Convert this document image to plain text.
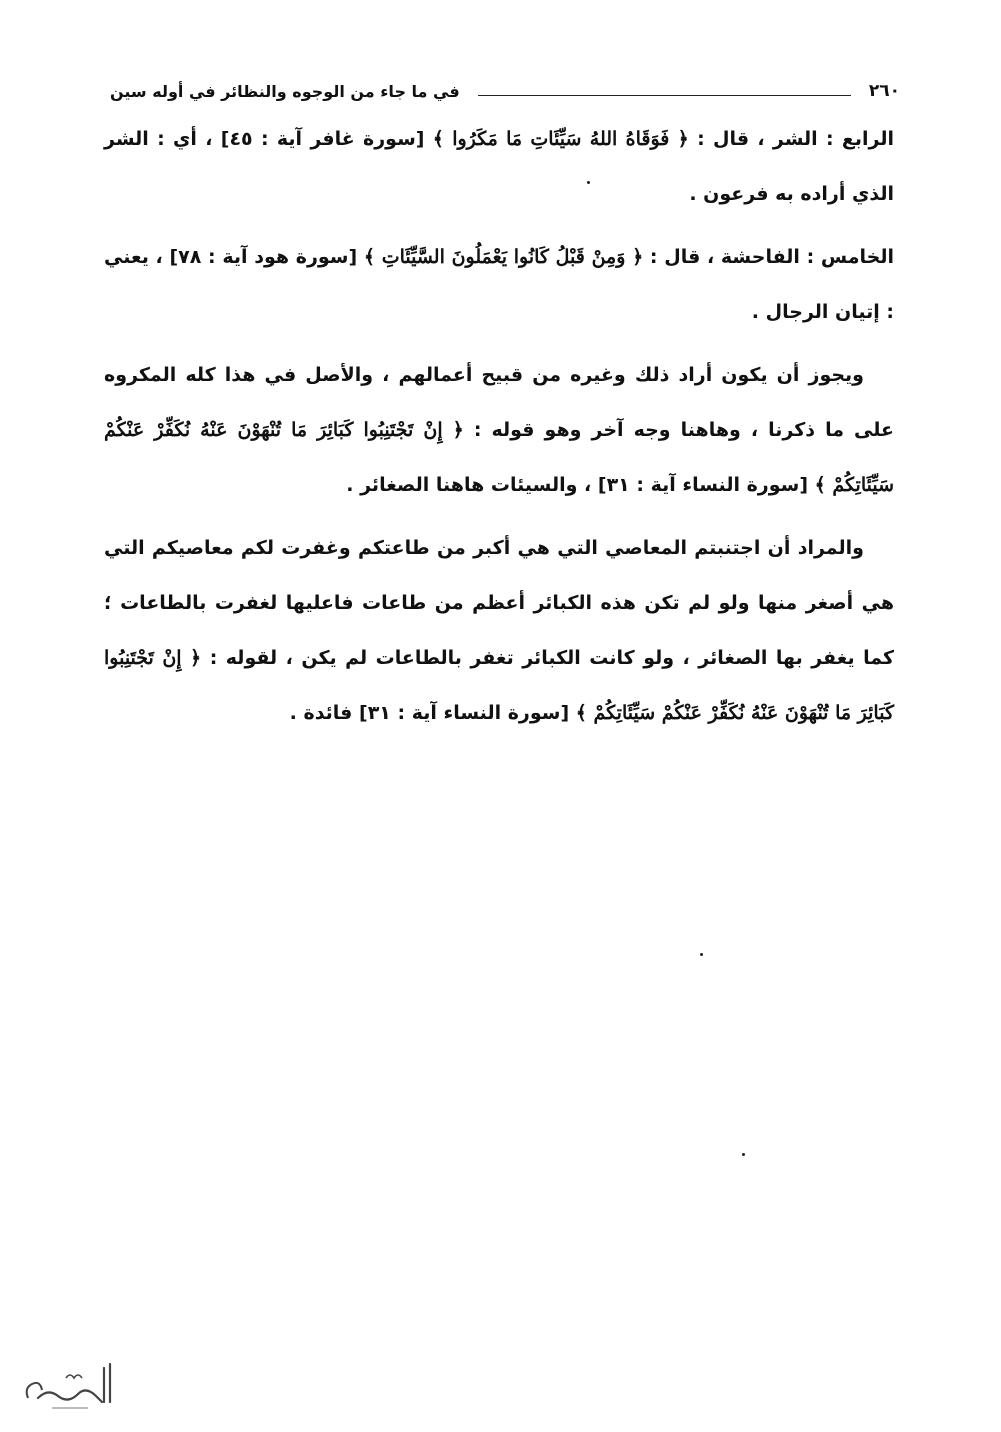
٢٦٠
في ما جاء من الوجوه والنظائر في أوله سين

الرابع : الشر ، قال : ﴿ فَوَقَاهُ اللهُ سَيِّئَاتِ مَا مَكَرُوا ﴾ [سورة غافر آية : ٤٥] ، أي : الشر الذي أراده به فرعون .

الخامس : الفاحشة ، قال : ﴿ وَمِنْ قَبْلُ كَانُوا يَعْمَلُونَ السَّيِّئَاتِ ﴾ [سورة هود آية : ٧٨] ، يعني : إتيان الرجال .

ويجوز أن يكون أراد ذلك وغيره من قبيح أعمالهم ، والأصل في هذا كله المكروه على ما ذكرنا ، وهاهنا وجه آخر وهو قوله : ﴿ إِنْ تَجْتَنِبُوا كَبَائِرَ مَا تُنْهَوْنَ عَنْهُ نُكَفِّرْ عَنْكُمْ سَيِّئَاتِكُمْ ﴾ [سورة النساء آية : ٣١] ، والسيئات هاهنا الصغائر .

والمراد أن اجتنبتم المعاصي التي هي أكبر من طاعتكم وغفرت لكم معاصيكم التي هي أصغر منها ولو لم تكن هذه الكبائر أعظم من طاعات فاعليها لغفرت بالطاعات ؛ كما يغفر بها الصغائر ، ولو كانت الكبائر تغفر بالطاعات لم يكن ، لقوله : ﴿ إِنْ تَجْتَنِبُوا كَبَائِرَ مَا تُنْهَوْنَ عَنْهُ نُكَفِّرْ عَنْكُمْ سَيِّئَاتِكُمْ ﴾ [سورة النساء آية : ٣١] فائدة .
